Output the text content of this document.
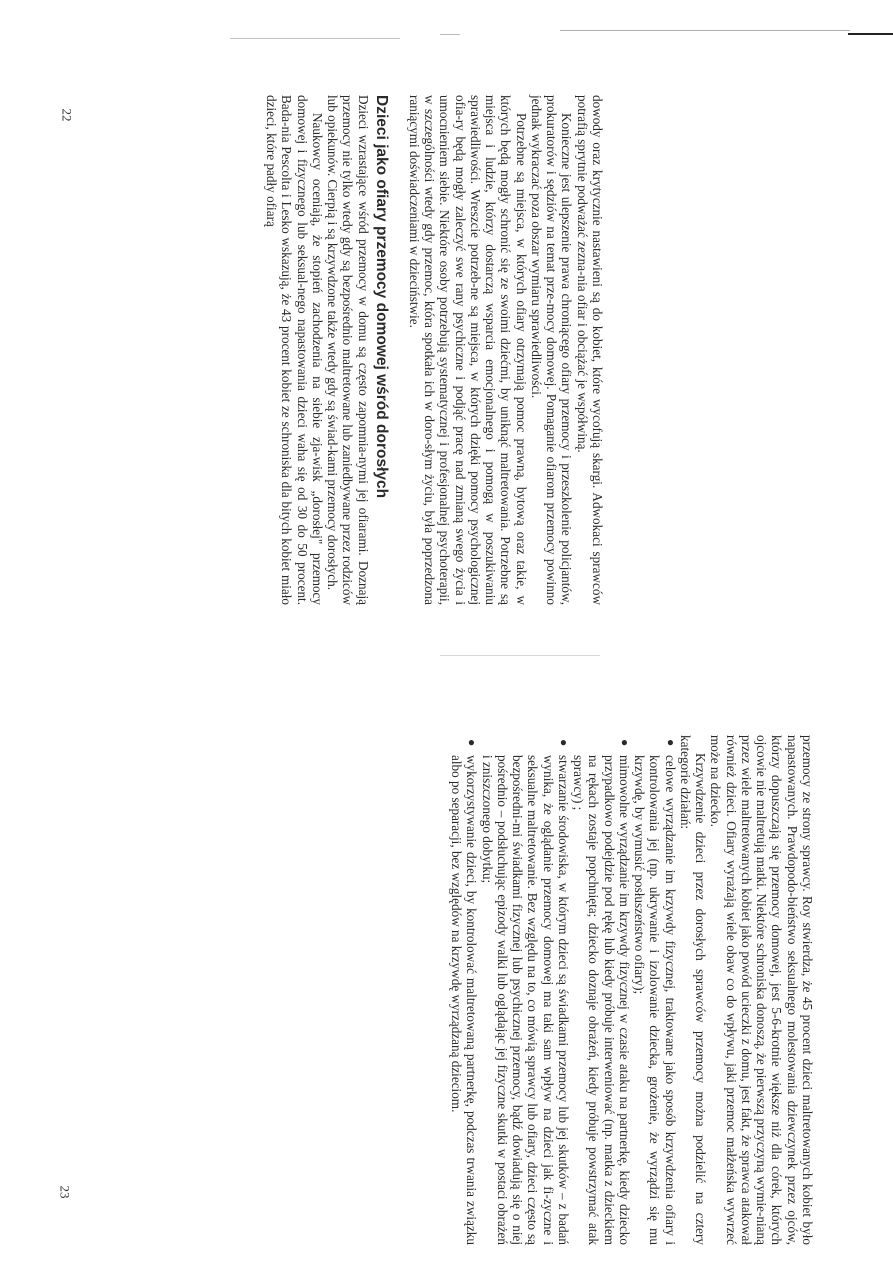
dowody oraz krytycznie nastawieni są do kobiet, które wycofują skargi. Adwokaci sprawców potrafią sprytnie podważać zezna-nia ofiar i obciążać je współwiną.

Konieczne jest ulepszenie prawa chroniącego ofiary przemocy i przeszkolenie policjantów, prokuratorów i sędziów na temat prze-mocy domowej. Pomaganie ofiarom przemocy powinno jednak wykraczać poza obszar wymiaru sprawiedliwości.

Potrzebne są miejsca, w których ofiary otrzymają pomoc prawną, bytową oraz takie, w których będą mogły schronić się ze swoimi dziećmi, by uniknąć maltretowania. Potrzebne są miejsca i ludzie, którzy dostarczą wsparcia emocjonalnego i pomogą w poszukiwaniu sprawiedliwości. Wreszcie potrzeb-ne są miejsca, w których dzięki pomocy psychologicznej ofia-ry będą mogły zaleczyć swe rany psychiczne i podjąć pracę nad zmianą swego życia i umocnieniem siebie. Niektóre osoby potrzebują systematycznej i profesjonalnej psychoterapii, w szczególności wtedy gdy przemoc, która spotkała ich w doro-słym życiu, była poprzedzona raniącymi doświadczeniami w dzieciństwie.

Dzieci jako ofiary przemocy domowej wśród dorosłych

Dzieci wzrastające wśród przemocy w domu są często zapomnia-nymi jej ofiarami. Doznają przemocy nie tylko wtedy gdy są bezpośrednio maltretowane lub zaniedbywane przez rodziców lub opiekunów. Cierpią i są krzywdzone także wtedy gdy są świad-kami przemocy dorosłych.

Naukowcy oceniają, że stopień zachodzenia na siebie zja-wisk „dorosłej" przemocy domowej i fizycznego lub seksual-nego napastowania dzieci waha się od 30 do 50 procent. Bada-nia Pescolta i Lesko wskazują, że 43 procent kobiet ze schroniska dla bitych kobiet miało dzieci, które padły ofiarą

przemocy ze strony sprawcy. Roy stwierdza, że 45 procent dzieci maltretowanych kobiet było napastowanych. Prawdopodo-bieństwo seksualnego molestowania dziewczynek przez ojców, którzy dopuszczają się przemocy domowej, jest 5-6-krotnie większe niż dla córek, których ojcowie nie maltretują matki. Niektóre schroniska donoszą, że pierwszą przyczyną wymie-nianą przez wiele maltretowanych kobiet jako powód ucieczki z domu, jest fakt, że sprawca atakował również dzieci. Ofiary wyrażają wiele obaw co do wpływu, jaki przemoc małżeńska wywrzeć może na dziecko.

Krzywdzenie dzieci przez dorosłych sprawców przemocy można podzielić na cztery kategorie działań:

●
celowe wyrządzanie im krzywdy fizycznej, traktowane jako sposób krzywdzenia ofiary i kontrolowania jej (np. ukrywanie i izolowanie dziecka, grożenie, że wyrządzi się mu krzywdę, by wymusić posłuszeństwo ofiary);
●
mimowolne wyrządzanie im krzywdy fizycznej w czasie ataku na partnerkę, kiedy dziecko przypadkowo podejdzie pod rękę lub kiedy próbuje interweniować (np. matka z dzieckiem na rękach zostaje popchnięta; dziecko doznaje obrażeń, kiedy próbuje powstrzymać atak sprawcy) ;
●
stwarzanie środowiska, w którym dzieci są świadkami przemocy lub jej skutków – z badań wynika, że oglądanie przemocy domowej ma taki sam wpływ na dzieci jak fi-zyczne i seksualne maltretowanie. Bez względu na to, co mówią sprawcy lub ofiary, dzieci często są bezpośredni-mi świadkami fizycznej lub psychicznej przemocy, bądź dowiadują się o niej pośrednio – podsłuchując epizody walki lub oglądając jej fizyczne skutki w postaci obrażeń i zniszczonego dobytku;
●
wykorzystywanie dzieci, by kontrolować maltretowaną partnerkę, podczas trwania związku albo po separacji, bez względów na krzywdę wyrządzaną dzieciom.
22
23
